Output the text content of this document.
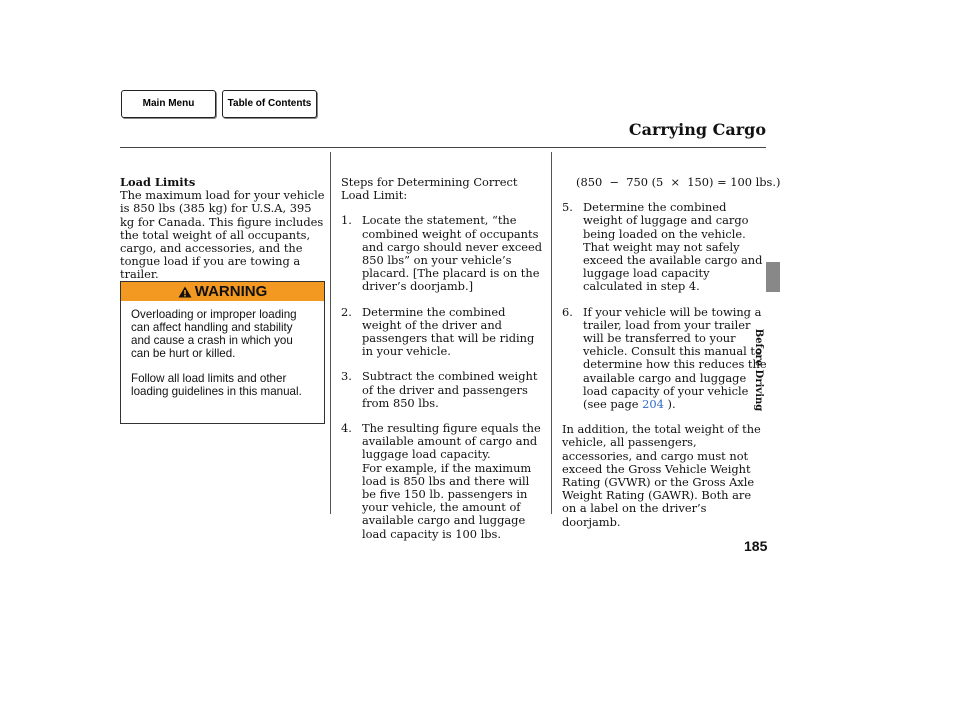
Main Menu	Table of Contents
Carrying Cargo

Load Limits

The maximum load for your vehicle is 850 lbs (385 kg) for U.S.A, 395 kg for Canada. This figure includes the total weight of all occupants, cargo, and accessories, and the tongue load if you are towing a trailer.

WARNING

Overloading or improper loading can affect handling and stability and cause a crash in which you can be hurt or killed.

Follow all load limits and other loading guidelines in this manual.

Steps for Determining Correct Load Limit:

1. Locate the statement, “the combined weight of occupants and cargo should never exceed 850 lbs” on your vehicle’s placard. [The placard is on the driver’s doorjamb.]

2. Determine the combined weight of the driver and passengers that will be riding in your vehicle.

3. Subtract the combined weight of the driver and passengers from 850 lbs.

4. The resulting figure equals the available amount of cargo and luggage load capacity.

For example, if the maximum load is 850 lbs and there will be five 150 lb. passengers in your vehicle, the amount of available cargo and luggage load capacity is 100 lbs.

(850  −  750 (5  ×  150) = 100 lbs.)

5. Determine the combined weight of luggage and cargo being loaded on the vehicle. That weight may not safely exceed the available cargo and luggage load capacity calculated in step 4.

6. If your vehicle will be towing a trailer, load from your trailer will be transferred to your vehicle. Consult this manual to determine how this reduces the available cargo and luggage load capacity of your vehicle (see page 204 ).

In addition, the total weight of the vehicle, all passengers, accessories, and cargo must not exceed the Gross Vehicle Weight Rating (GVWR) or the Gross Axle Weight Rating (GAWR). Both are on a label on the driver’s doorjamb.

Before Driving
185
